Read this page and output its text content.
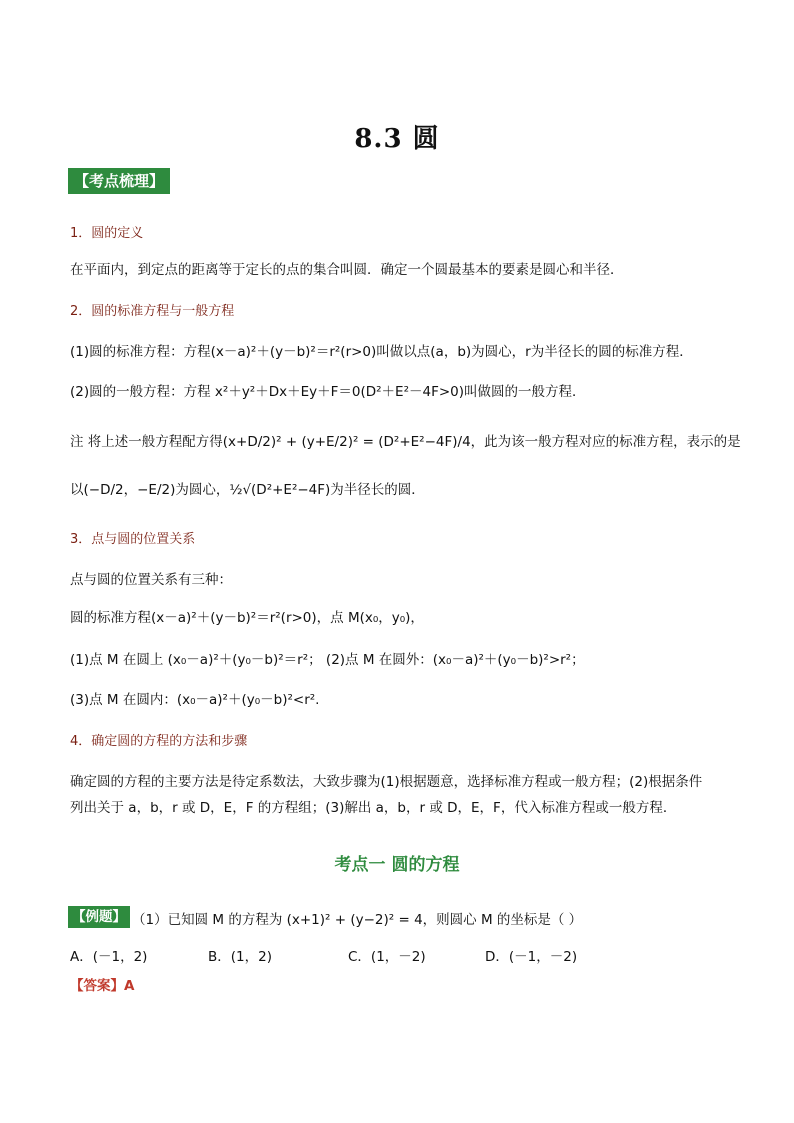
8.3 圆
【考点梳理】
1．圆的定义
在平面内，到定点的距离等于定长的点的集合叫圆．确定一个圆最基本的要素是圆心和半径．
2．圆的标准方程与一般方程
(1)圆的标准方程：方程(x－a)²＋(y－b)²＝r²(r>0)叫做以点(a，b)为圆心，r为半径长的圆的标准方程．
(2)圆的一般方程：方程 x²＋y²＋Dx＋Ey＋F＝0(D²＋E²－4F>0)叫做圆的一般方程．
注 将上述一般方程配方得(x+D/2)² + (y+E/2)² = (D²+E²−4F)/4，此为该一般方程对应的标准方程，表示的是
以(−D/2，−E/2)为圆心，½√(D²+E²−4F)为半径长的圆．
3．点与圆的位置关系
点与圆的位置关系有三种：
圆的标准方程(x－a)²＋(y－b)²＝r²(r>0)，点 M(x₀，y₀)，
(1)点 M 在圆上 (x₀－a)²＋(y₀－b)²＝r²； (2)点 M 在圆外：(x₀－a)²＋(y₀－b)²>r²；
(3)点 M 在圆内：(x₀－a)²＋(y₀－b)²<r².
4．确定圆的方程的方法和步骤
确定圆的方程的主要方法是待定系数法，大致步骤为(1)根据题意，选择标准方程或一般方程；(2)根据条件
列出关于 a，b，r 或 D，E，F 的方程组；(3)解出 a，b，r 或 D，E，F，代入标准方程或一般方程．
考点一 圆的方程
【例题】 （1）已知圆 M 的方程为 (x+1)² + (y−2)² = 4，则圆心 M 的坐标是（ ）
A．(－1，2)	B．(1，2)	C．(1，－2)	D．(－1，－2)
【答案】A
